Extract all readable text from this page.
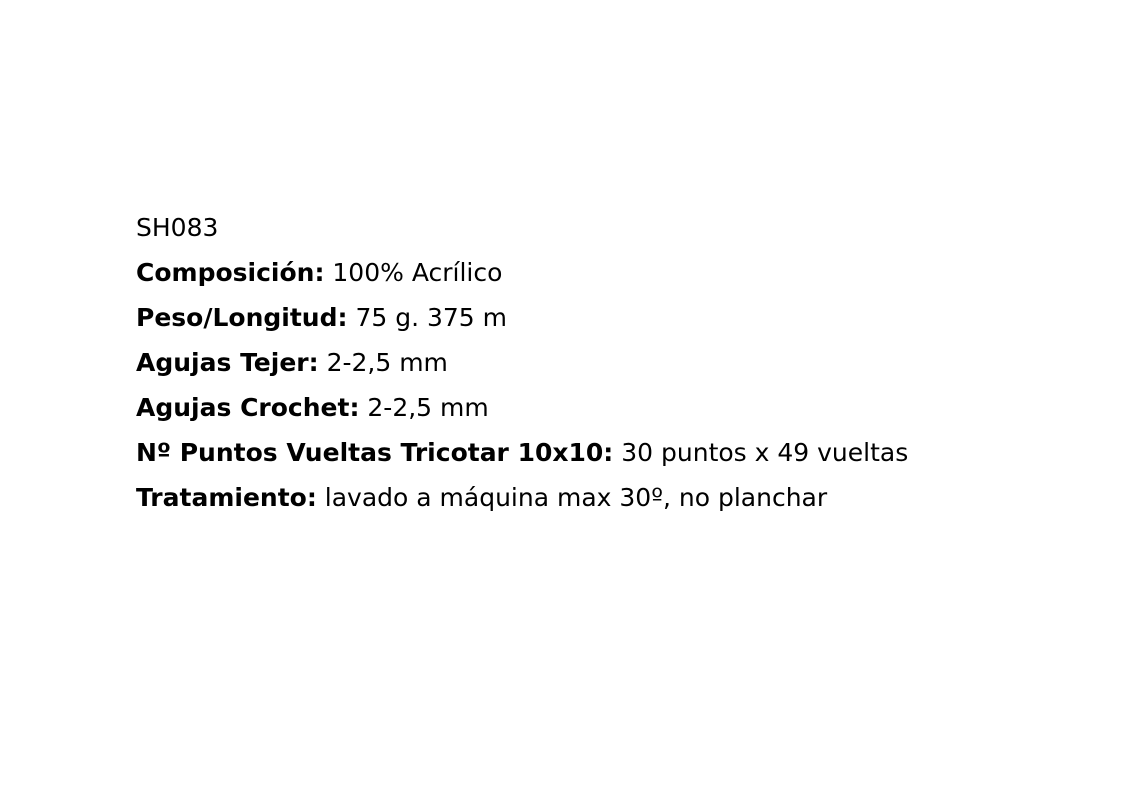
SH083
Composición: 100% Acrílico
Peso/Longitud: 75 g. 375 m
Agujas Tejer: 2-2,5 mm
Agujas Crochet: 2-2,5 mm
Nº Puntos Vueltas Tricotar 10x10: 30 puntos x 49 vueltas
Tratamiento: lavado a máquina max 30º, no planchar
